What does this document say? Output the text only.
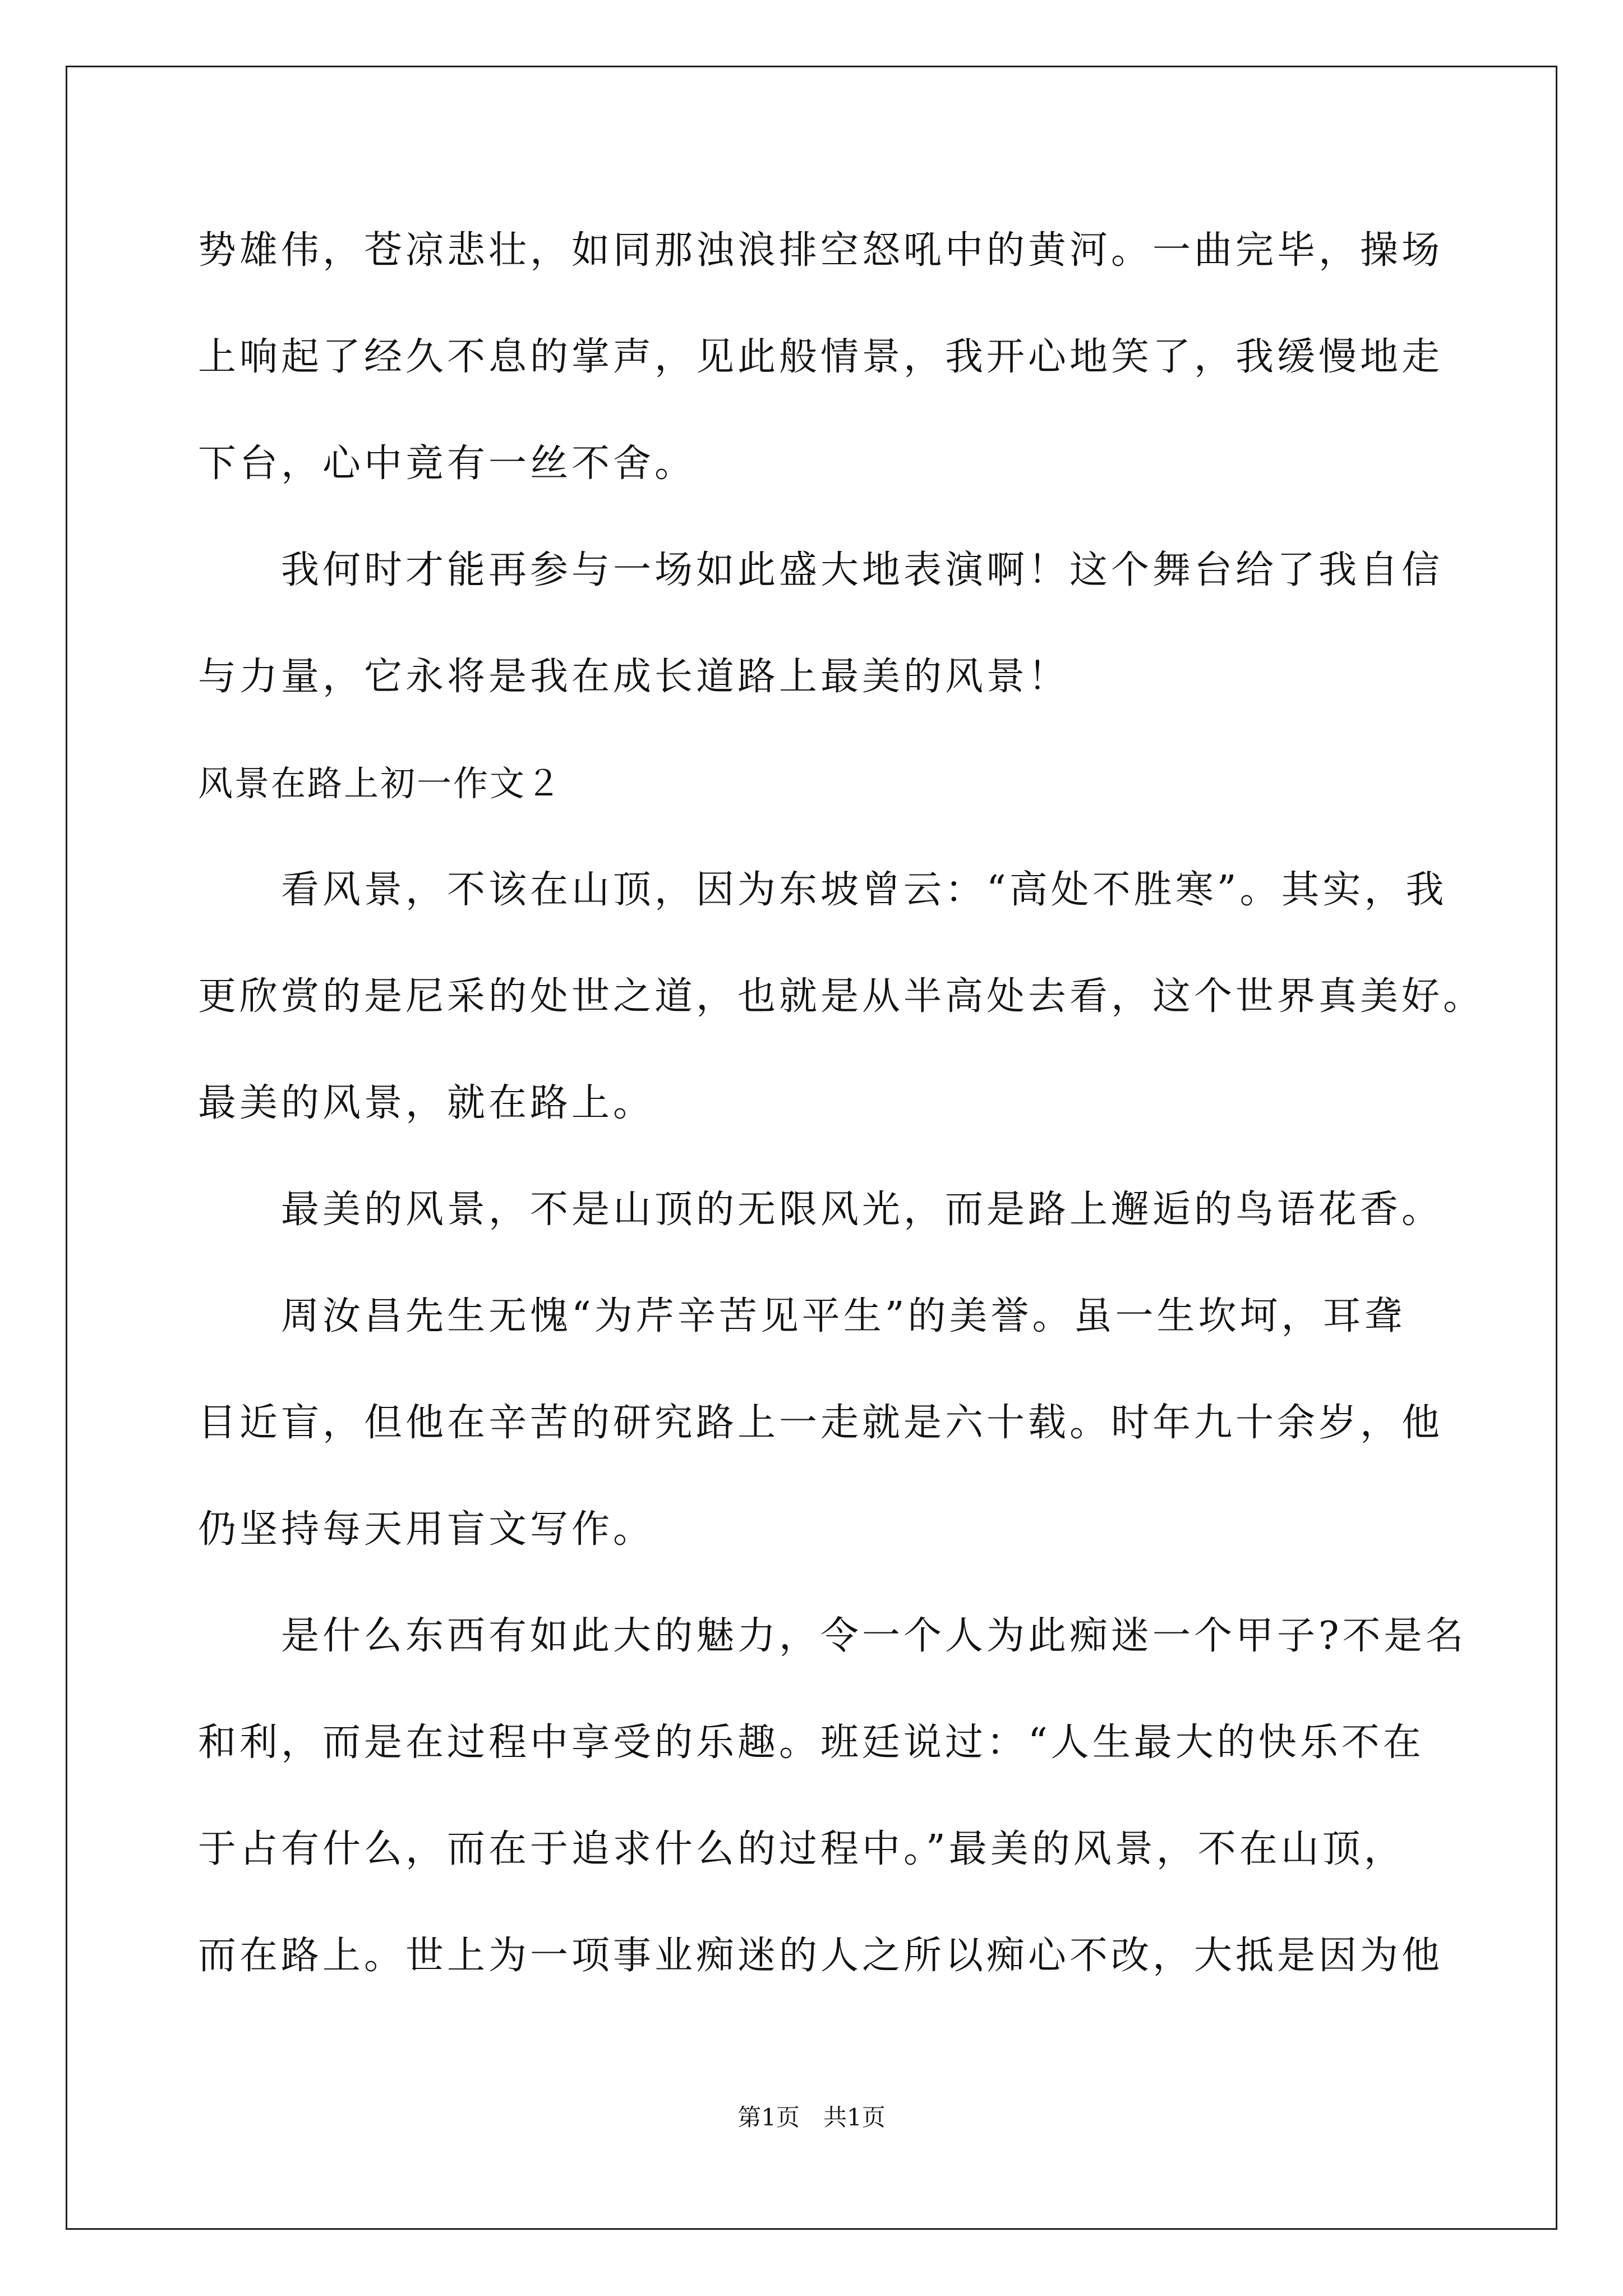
势雄伟，苍凉悲壮，如同那浊浪排空怒吼中的黄河。一曲完毕，操场
上响起了经久不息的掌声，见此般情景，我开心地笑了，我缓慢地走
下台，心中竟有一丝不舍。
我何时才能再参与一场如此盛大地表演啊！这个舞台给了我自信
与力量，它永将是我在成长道路上最美的风景！
风景在路上初一作文２
看风景，不该在山顶，因为东坡曾云：“高处不胜寒”。其实，我
更欣赏的是尼采的处世之道，也就是从半高处去看，这个世界真美好。
最美的风景，就在路上。
最美的风景，不是山顶的无限风光，而是路上邂逅的鸟语花香。
周汝昌先生无愧“为芹辛苦见平生”的美誉。虽一生坎坷，耳聋
目近盲，但他在辛苦的研究路上一走就是六十载。时年九十余岁，他
仍坚持每天用盲文写作。
是什么东西有如此大的魅力，令一个人为此痴迷一个甲子?不是名
和利，而是在过程中享受的乐趣。班廷说过：“人生最大的快乐不在
于占有什么，而在于追求什么的过程中。”最美的风景，不在山顶，
而在路上。世上为一项事业痴迷的人之所以痴心不改，大抵是因为他
第1页　共1页
